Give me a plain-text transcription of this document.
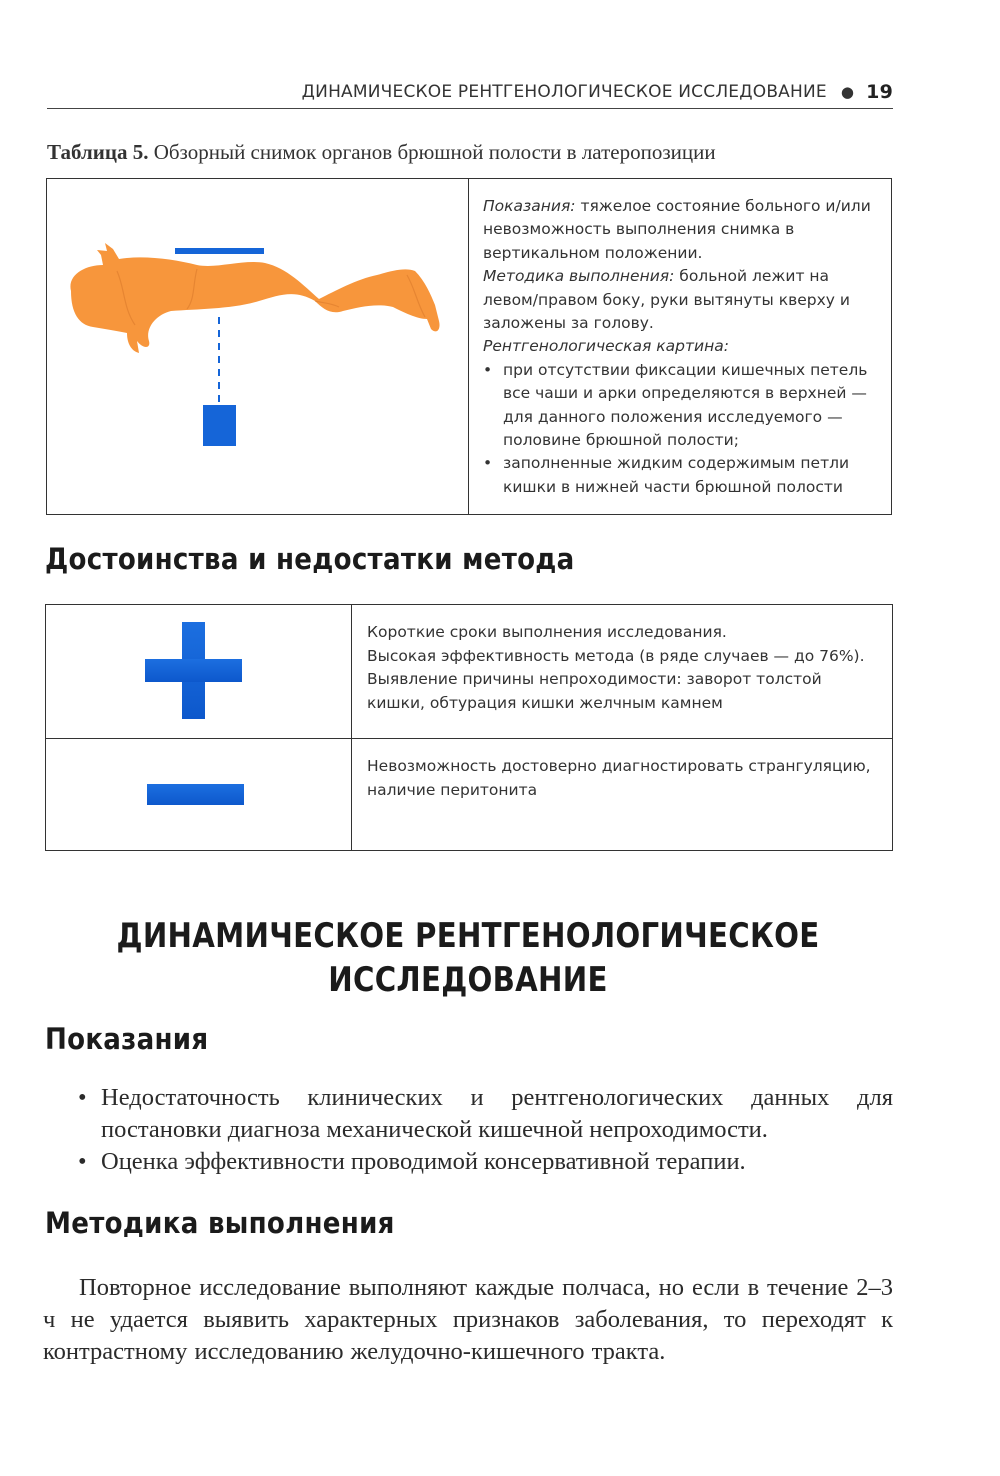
ДИНАМИЧЕСКОЕ РЕНТГЕНОЛОГИЧЕСКОЕ ИССЛЕДОВАНИЕ ● 19
Таблица 5. Обзорный снимок органов брюшной полости в латеропозиции

Показания: тяжелое состояние больного и/или невозможность выполнения снимка в вертикальном положении.

Методика выполнения: больной лежит на левом/правом боку, руки вытянуты кверху и заложены за голову.

Рентгенологическая картина:

• при отсутствии фиксации кишечных петель все чаши и арки определяются в верхней — для данного положения исследуемого — половине брюшной полости;
• заполненные жидким содержимым петли кишки в нижней части брюшной полости
Достоинства и недостатки метода

Короткие сроки выполнения исследования.

Высокая эффективность метода (в ряде случаев — до 76%).

Выявление причины непроходимости: заворот толстой кишки, обтурация кишки желчным камнем

Невозможность достоверно диагностировать странгуляцию, наличие перитонита

ДИНАМИЧЕСКОЕ РЕНТГЕНОЛОГИЧЕСКОЕ
ИССЛЕДОВАНИЕ
Показания
• Недостаточность клинических и рентгенологических данных для постановки диагноза механической кишечной непроходимости.
• Оценка эффективности проводимой консервативной терапии.
Методика выполнения

Повторное исследование выполняют каждые полчаса, но если в течение 2–3 ч не удается выявить характерных признаков заболевания, то переходят к контрастному исследованию желудочно-кишечного тракта.
